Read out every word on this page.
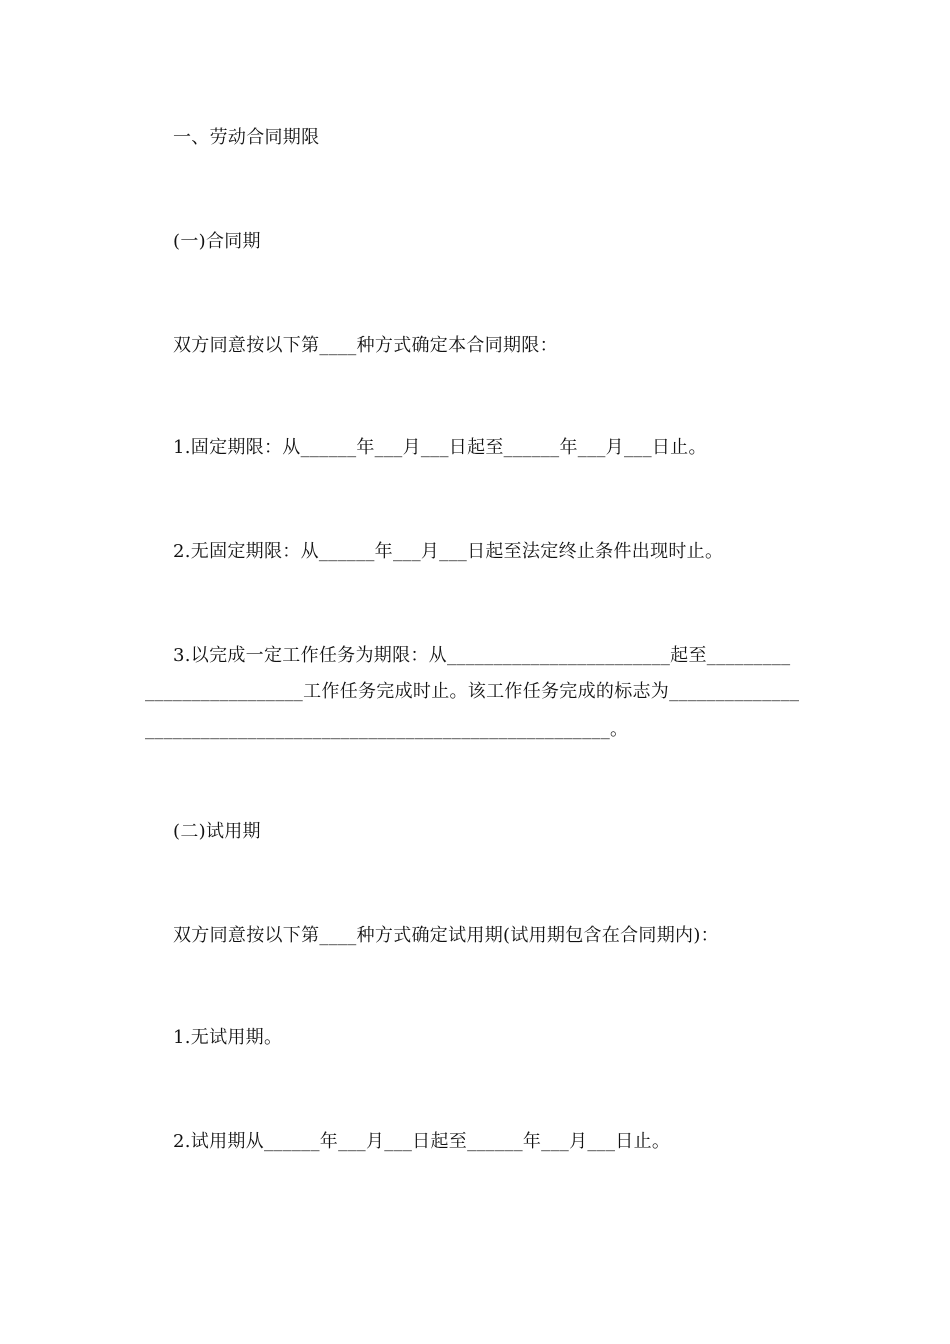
一、劳动合同期限
(一)合同期
双方同意按以下第____种方式确定本合同期限：
1.固定期限：从______年___月___日起至______年___月___日止。
2.无固定期限：从______年___月___日起至法定终止条件出现时止。
3.以完成一定工作任务为期限：从________________________起至_________
_________________工作任务完成时止。该工作任务完成的标志为______________
__________________________________________________。
(二)试用期
双方同意按以下第____种方式确定试用期(试用期包含在合同期内)：
1.无试用期。
2.试用期从______年___月___日起至______年___月___日止。
